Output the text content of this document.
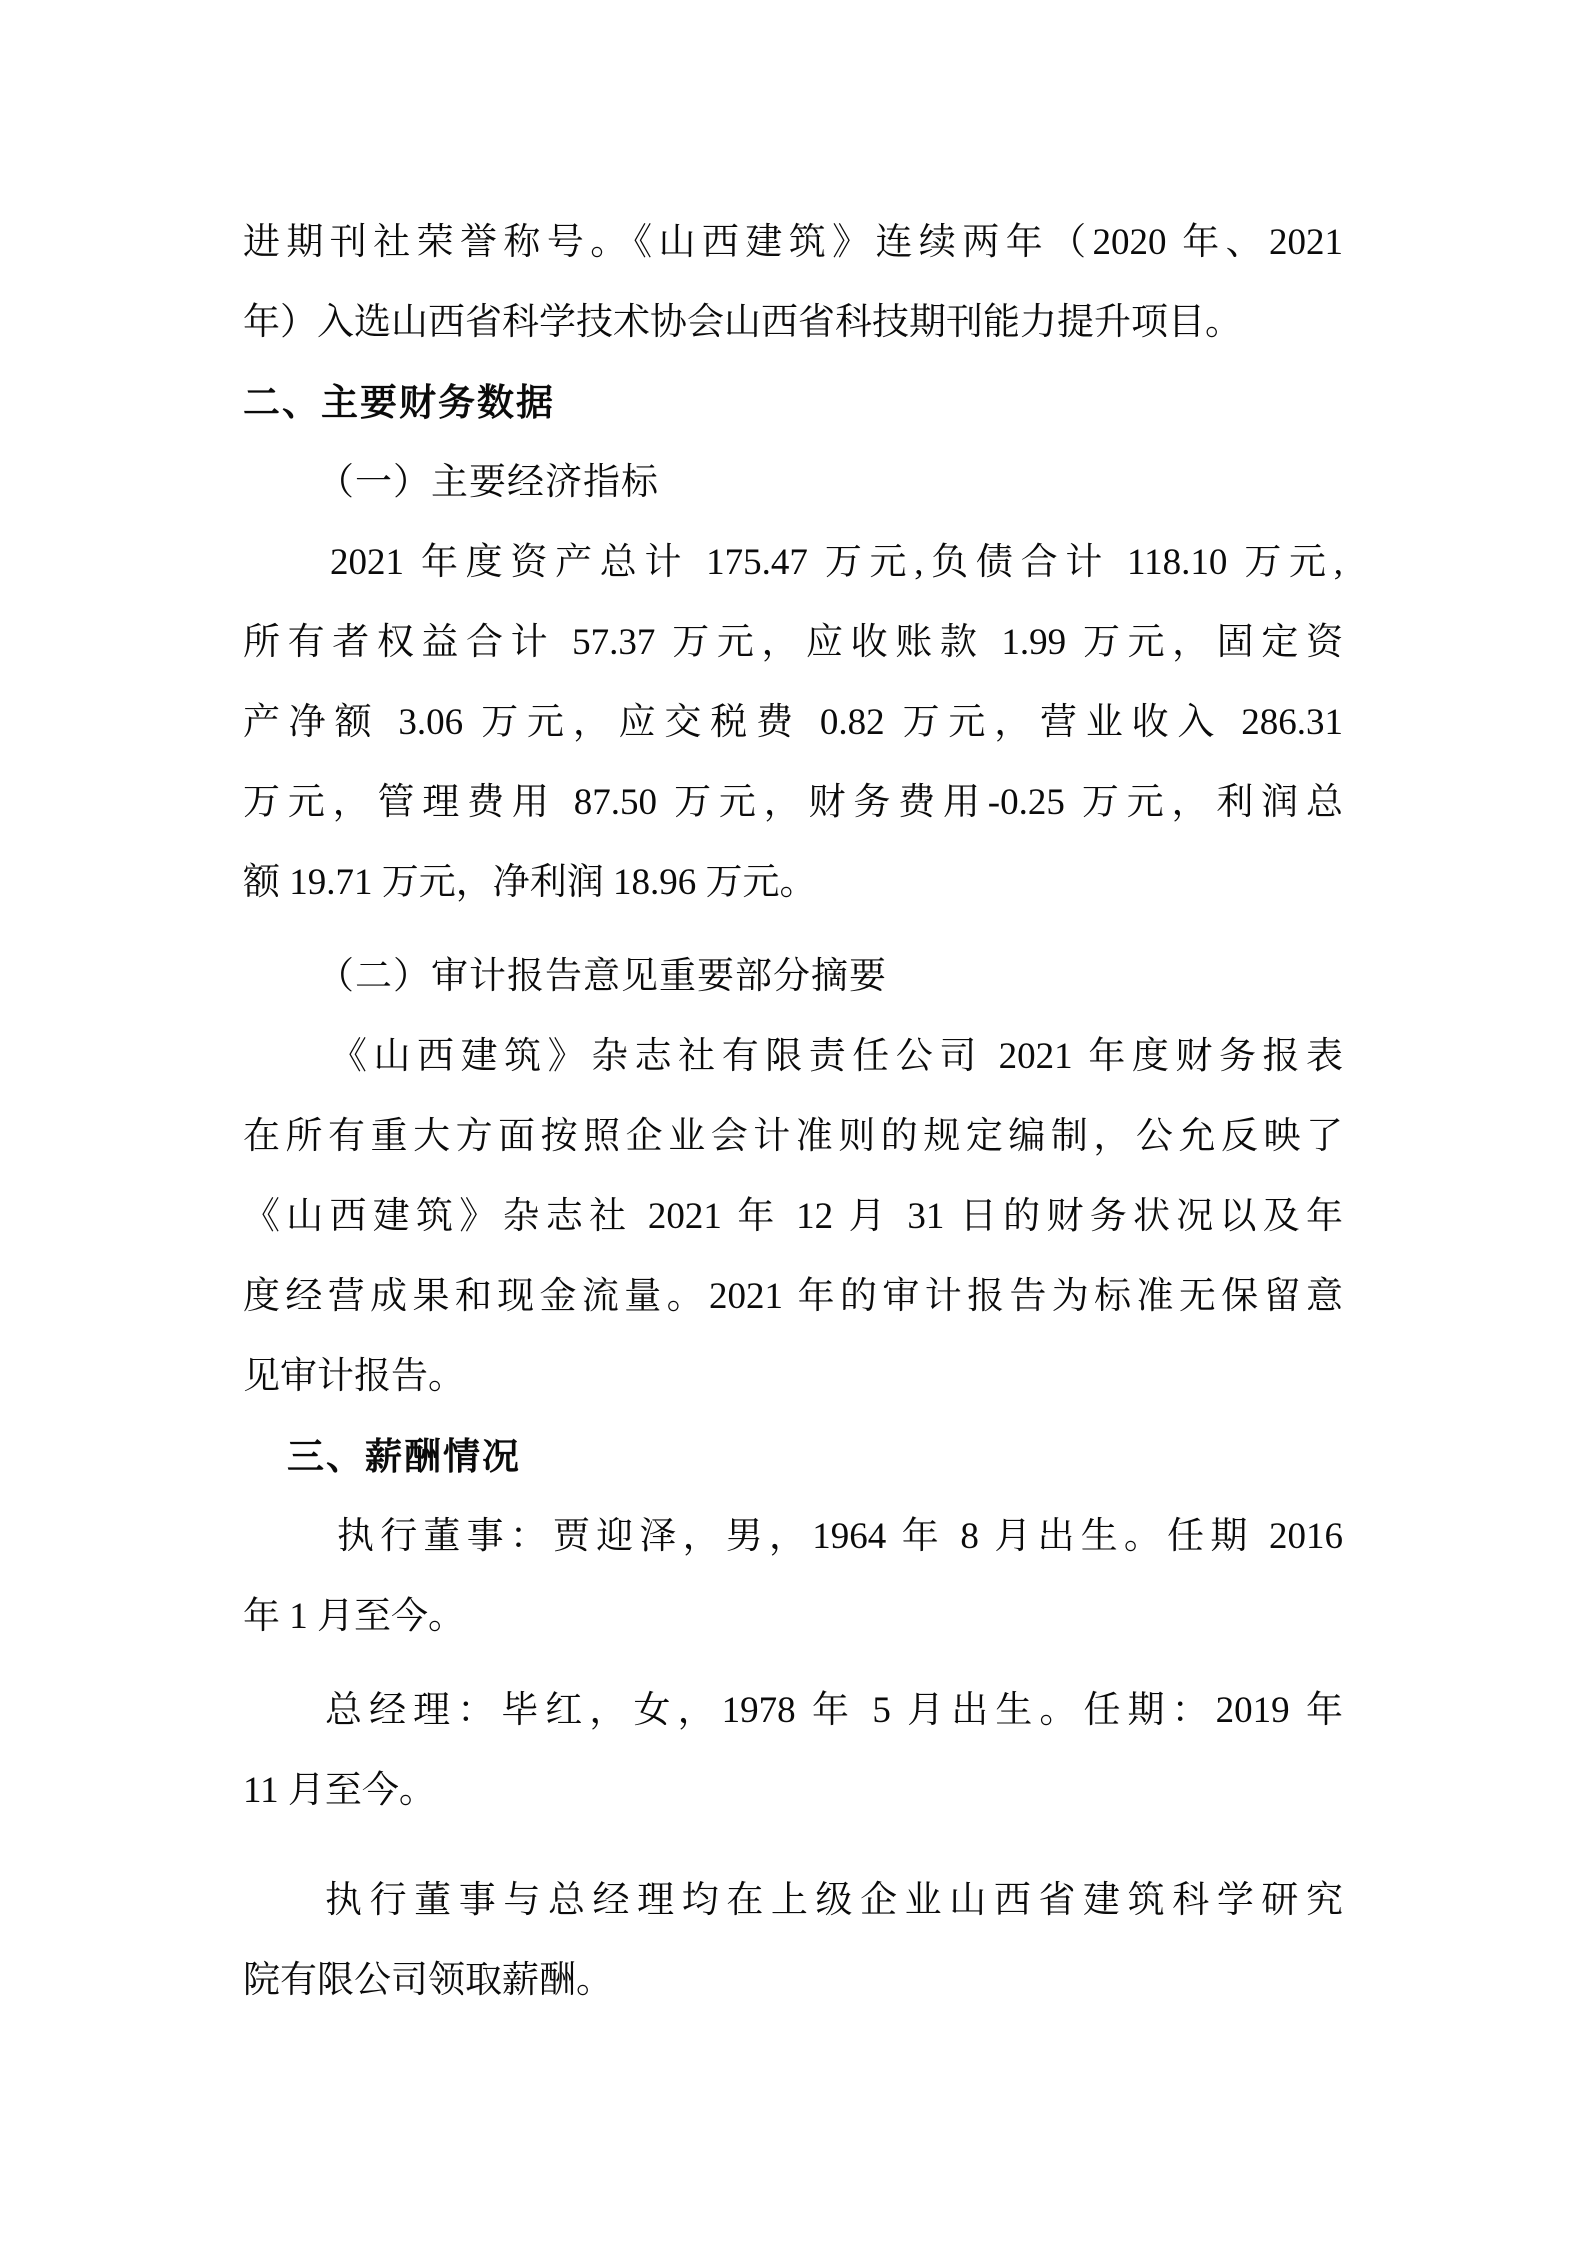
进期刊社荣誉称号。《山西建筑》连续两年（2020 年、2021
年）入选山西省科学技术协会山西省科技期刊能力提升项目。
二、主要财务数据
（一）主要经济指标
2021 年度资产总计 175.47 万元,负债合计 118.10 万元,
所有者权益合计 57.37 万元，应收账款 1.99 万元，固定资
产净额 3.06 万元，应交税费 0.82 万元，营业收入 286.31
万元，管理费用 87.50 万元，财务费用-0.25 万元，利润总
额 19.71 万元，净利润 18.96 万元。
（二）审计报告意见重要部分摘要
《山西建筑》杂志社有限责任公司 2021 年度财务报表
在所有重大方面按照企业会计准则的规定编制，公允反映了
《山西建筑》杂志社 2021 年 12 月 31 日的财务状况以及年
度经营成果和现金流量。2021 年的审计报告为标准无保留意
见审计报告。
三、薪酬情况
执行董事：贾迎泽，男，1964 年 8 月出生。任期 2016
年 1 月至今。
总经理：毕红，女，1978 年 5 月出生。任期：2019 年
11 月至今。
执行董事与总经理均在上级企业山西省建筑科学研究
院有限公司领取薪酬。
